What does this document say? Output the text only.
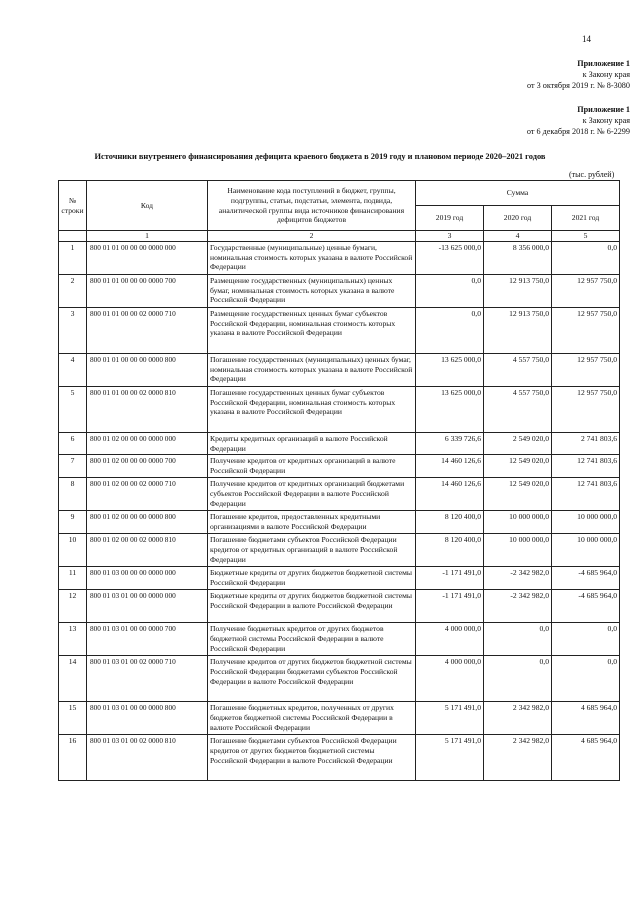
14
Приложение 1
к Закону края
от 3 октября 2019 г. № 8-3080
Приложение 1
к Закону края
от 6 декабря 2018 г. № 6-2299
Источники внутреннего финансирования дефицита краевого бюджета в 2019 году и плановом периоде 2020–2021 годов
(тыс. рублей)
№ строки	Код	Наименование кода поступлений в бюджет, группы, подгруппы, статьи, подстатьи, элемента, подвида, аналитической группы вида источников финансирования дефицитов бюджетов	Сумма		
			2019 год	2020 год	2021 год
	1	2	3	4	5
1	800 01 01 00 00 00 0000 000	Государственные (муниципальные) ценные бумаги, номинальная стоимость которых указана в валюте Российской Федерации	-13 625 000,0	8 356 000,0	0,0
2	800 01 01 00 00 00 0000 700	Размещение государственных (муниципальных) ценных бумаг, номинальная стоимость которых указана в валюте Российской Федерации	0,0	12 913 750,0	12 957 750,0
3	800 01 01 00 00 02 0000 710	Размещение государственных ценных бумаг субъектов Российской Федерации, номинальная стоимость которых указана в валюте Российской Федерации	0,0	12 913 750,0	12 957 750,0
4	800 01 01 00 00 00 0000 800	Погашение государственных (муниципальных) ценных бумаг, номинальная стоимость которых указана в валюте Российской Федерации	13 625 000,0	4 557 750,0	12 957 750,0
5	800 01 01 00 00 02 0000 810	Погашение государственных ценных бумаг субъектов Российской Федерации, номинальная стоимость которых указана в валюте Российской Федерации	13 625 000,0	4 557 750,0	12 957 750,0
6	800 01 02 00 00 00 0000 000	Кредиты кредитных организаций в валюте Российской Федерации	6 339 726,6	2 549 020,0	2 741 803,6
7	800 01 02 00 00 00 0000 700	Получение кредитов от кредитных организаций в валюте Российской Федерации	14 460 126,6	12 549 020,0	12 741 803,6
8	800 01 02 00 00 02 0000 710	Получение кредитов от кредитных организаций бюджетами субъектов Российской Федерации в валюте Российской Федерации	14 460 126,6	12 549 020,0	12 741 803,6
9	800 01 02 00 00 00 0000 800	Погашение кредитов, предоставленных кредитными организациями в валюте Российской Федерации	8 120 400,0	10 000 000,0	10 000 000,0
10	800 01 02 00 00 02 0000 810	Погашение бюджетами субъектов Российской Федерации кредитов от кредитных организаций в валюте Российской Федерации	8 120 400,0	10 000 000,0	10 000 000,0
11	800 01 03 00 00 00 0000 000	Бюджетные кредиты от других бюджетов бюджетной системы Российской Федерации	-1 171 491,0	-2 342 982,0	-4 685 964,0
12	800 01 03 01 00 00 0000 000	Бюджетные кредиты от других бюджетов бюджетной системы Российской Федерации в валюте Российской Федерации	-1 171 491,0	-2 342 982,0	-4 685 964,0
13	800 01 03 01 00 00 0000 700	Получение бюджетных кредитов от других бюджетов бюджетной системы Российской Федерации в валюте Российской Федерации	4 000 000,0	0,0	0,0
14	800 01 03 01 00 02 0000 710	Получение кредитов от других бюджетов бюджетной системы Российской Федерации бюджетами субъектов Российской Федерации в валюте Российской Федерации	4 000 000,0	0,0	0,0
15	800 01 03 01 00 00 0000 800	Погашение бюджетных кредитов, полученных от других бюджетов бюджетной системы Российской Федерации в валюте Российской Федерации	5 171 491,0	2 342 982,0	4 685 964,0
16	800 01 03 01 00 02 0000 810	Погашение бюджетами субъектов Российской Федерации кредитов от других бюджетов бюджетной системы Российской Федерации в валюте Российской Федерации	5 171 491,0	2 342 982,0	4 685 964,0
